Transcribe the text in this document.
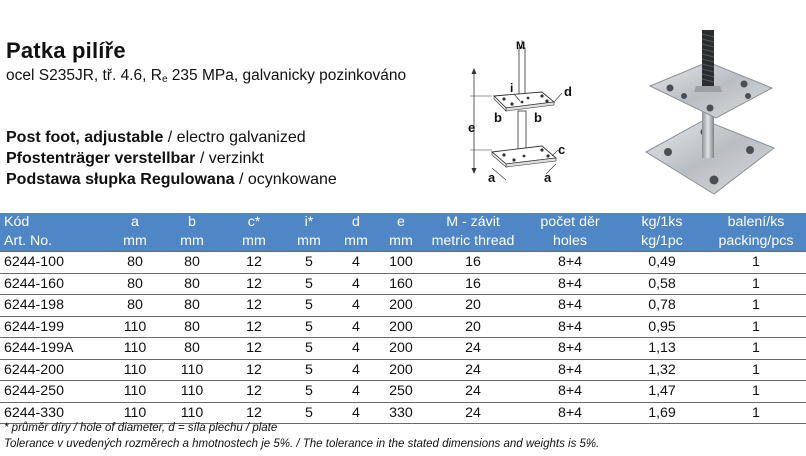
Patka pilíře
ocel S235JR, tř. 4.6, $R_e$ 235 MPa, galvanicky pozinkováno
Post foot, adjustable / electro galvanized
Pfostenträger verstellbar / verzinkt
Podstawa słupka Regulowana / ocynkowane
e
M
i	d
b b
c
a	a
Kód	a	b	c*	i*	d	e	M - závit	počet děr	kg/1ks	balení/ks
Art. No.	mm	mm	mm	mm	mm	mm	metric thread	holes	kg/1pc	packing/pcs
6244-100	80	80	12	5	4	100	16	8+4	0,49	1
6244-160	80	80	12	5	4	160	16	8+4	0,58	1
6244-198	80	80	12	5	4	200	20	8+4	0,78	1
6244-199	110	80	12	5	4	200	20	8+4	0,95	1
6244-199A	110	80	12	5	4	200	24	8+4	1,13	1
6244-200	110	110	12	5	4	200	24	8+4	1,32	1
6244-250	110	110	12	5	4	250	24	8+4	1,47	1
6244-330	110	110	12	5	4	330	24	8+4	1,69	1
* průměr díry / hole of diameter, d = síla plechu / plate
Tolerance v uvedených rozměrech a hmotnostech je 5%. / The tolerance in the stated dimensions and weights is 5%.
